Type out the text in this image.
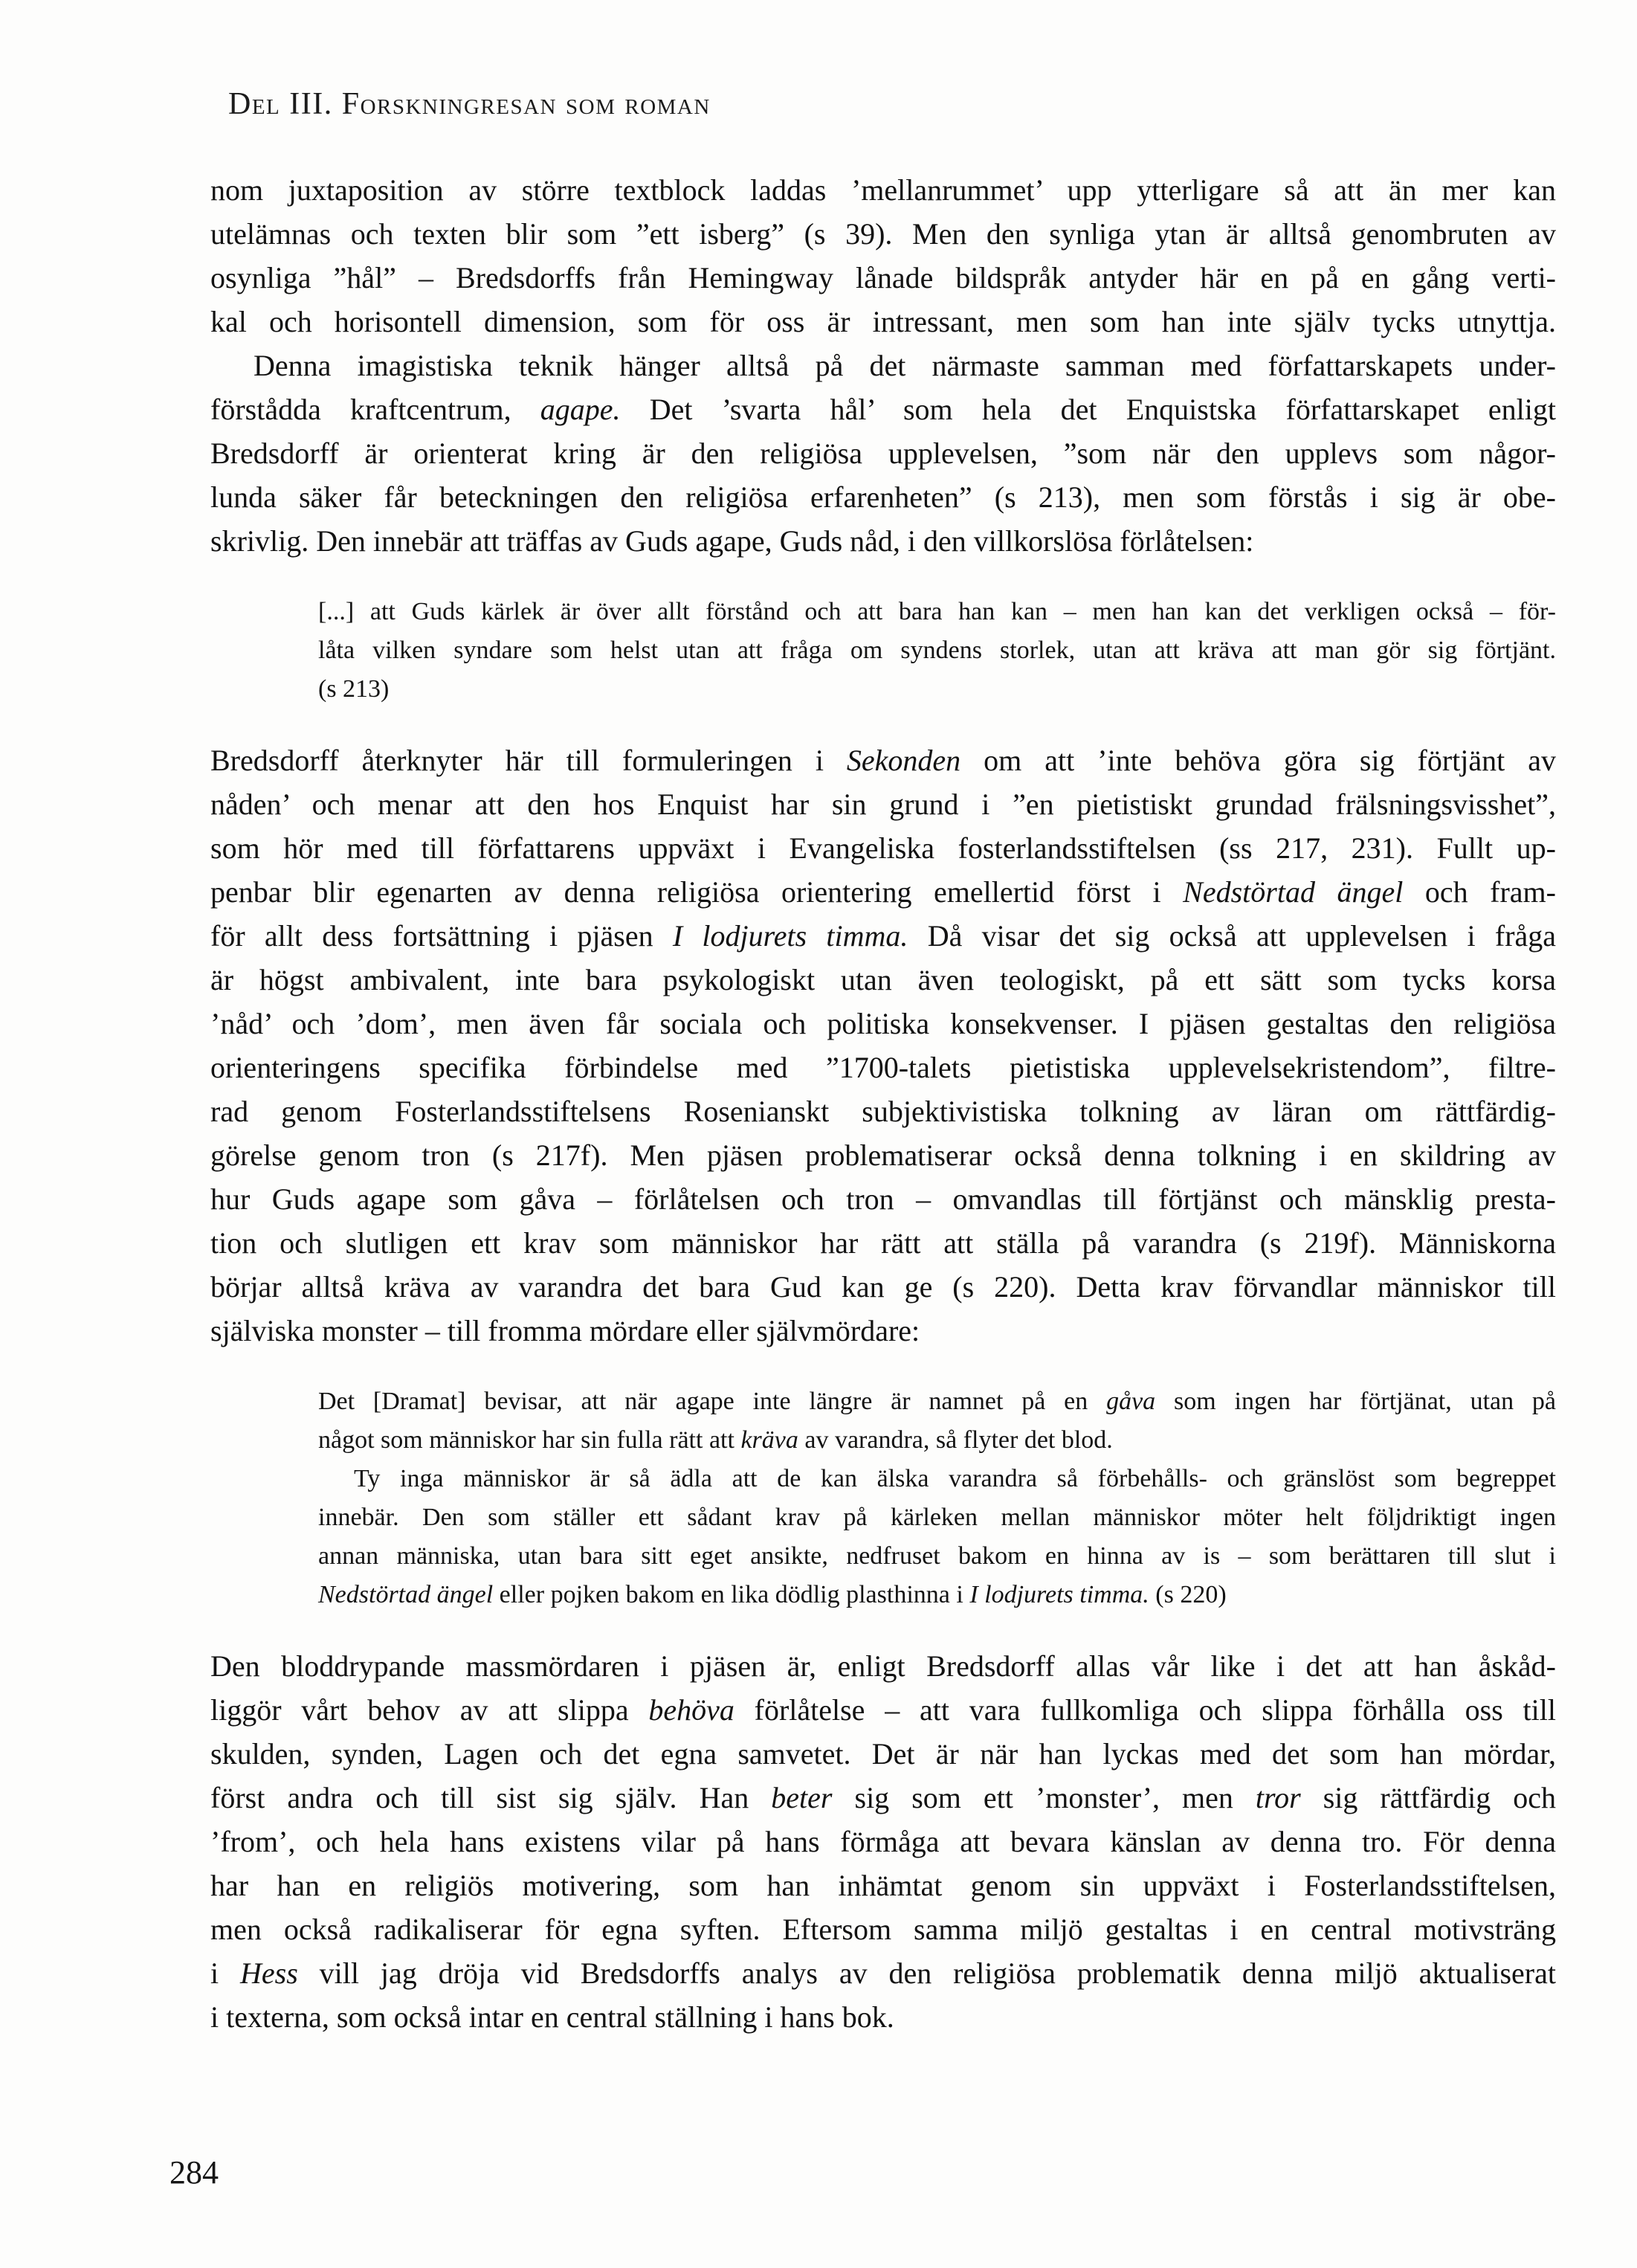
Del III. Forskningresan som roman
nom juxtaposition av större textblock laddas ’mellanrummet’ upp ytterligare så att än mer kan
utelämnas och texten blir som ”ett isberg” (s 39). Men den synliga ytan är alltså genombruten av
osynliga ”hål” – Bredsdorffs från Hemingway lånade bildspråk antyder här en på en gång verti-
kal och horisontell dimension, som för oss är intressant, men som han inte själv tycks utnyttja.
Denna imagistiska teknik hänger alltså på det närmaste samman med författarskapets under-
förstådda kraftcentrum, agape. Det ’svarta hål’ som hela det Enquistska författarskapet enligt
Bredsdorff är orienterat kring är den religiösa upplevelsen, ”som när den upplevs som någor-
lunda säker får beteckningen den religiösa erfarenheten” (s 213), men som förstås i sig är obe-
skrivlig. Den innebär att träffas av Guds agape, Guds nåd, i den villkorslösa förlåtelsen:
[...] att Guds kärlek är över allt förstånd och att bara han kan – men han kan det verkligen också – för-
låta vilken syndare som helst utan att fråga om syndens storlek, utan att kräva att man gör sig förtjänt.
(s 213)
Bredsdorff återknyter här till formuleringen i Sekonden om att ’inte behöva göra sig förtjänt av
nåden’ och menar att den hos Enquist har sin grund i ”en pietistiskt grundad frälsningsvisshet”,
som hör med till författarens uppväxt i Evangeliska fosterlandsstiftelsen (ss 217, 231). Fullt up-
penbar blir egenarten av denna religiösa orientering emellertid först i Nedstörtad ängel och fram-
för allt dess fortsättning i pjäsen I lodjurets timma. Då visar det sig också att upplevelsen i fråga
är högst ambivalent, inte bara psykologiskt utan även teologiskt, på ett sätt som tycks korsa
’nåd’ och ’dom’, men även får sociala och politiska konsekvenser. I pjäsen gestaltas den religiösa
orienteringens specifika förbindelse med ”1700-talets pietistiska upplevelsekristendom”, filtre-
rad genom Fosterlandsstiftelsens Rosenianskt subjektivistiska tolkning av läran om rättfärdig-
görelse genom tron (s 217f). Men pjäsen problematiserar också denna tolkning i en skildring av
hur Guds agape som gåva – förlåtelsen och tron – omvandlas till förtjänst och mänsklig presta-
tion och slutligen ett krav som människor har rätt att ställa på varandra (s 219f). Människorna
börjar alltså kräva av varandra det bara Gud kan ge (s 220). Detta krav förvandlar människor till
själviska monster – till fromma mördare eller självmördare:
Det [Dramat] bevisar, att när agape inte längre är namnet på en gåva som ingen har förtjänat, utan på
något som människor har sin fulla rätt att kräva av varandra, så flyter det blod.
Ty inga människor är så ädla att de kan älska varandra så förbehålls- och gränslöst som begreppet
innebär. Den som ställer ett sådant krav på kärleken mellan människor möter helt följdriktigt ingen
annan människa, utan bara sitt eget ansikte, nedfruset bakom en hinna av is – som berättaren till slut i
Nedstörtad ängel eller pojken bakom en lika dödlig plasthinna i I lodjurets timma. (s 220)
Den bloddrypande massmördaren i pjäsen är, enligt Bredsdorff allas vår like i det att han åskåd-
liggör vårt behov av att slippa behöva förlåtelse – att vara fullkomliga och slippa förhålla oss till
skulden, synden, Lagen och det egna samvetet. Det är när han lyckas med det som han mördar,
först andra och till sist sig själv. Han beter sig som ett ’monster’, men tror sig rättfärdig och
’from’, och hela hans existens vilar på hans förmåga att bevara känslan av denna tro. För denna
har han en religiös motivering, som han inhämtat genom sin uppväxt i Fosterlandsstiftelsen,
men också radikaliserar för egna syften. Eftersom samma miljö gestaltas i en central motivsträng
i Hess vill jag dröja vid Bredsdorffs analys av den religiösa problematik denna miljö aktualiserat
i texterna, som också intar en central ställning i hans bok.
284
